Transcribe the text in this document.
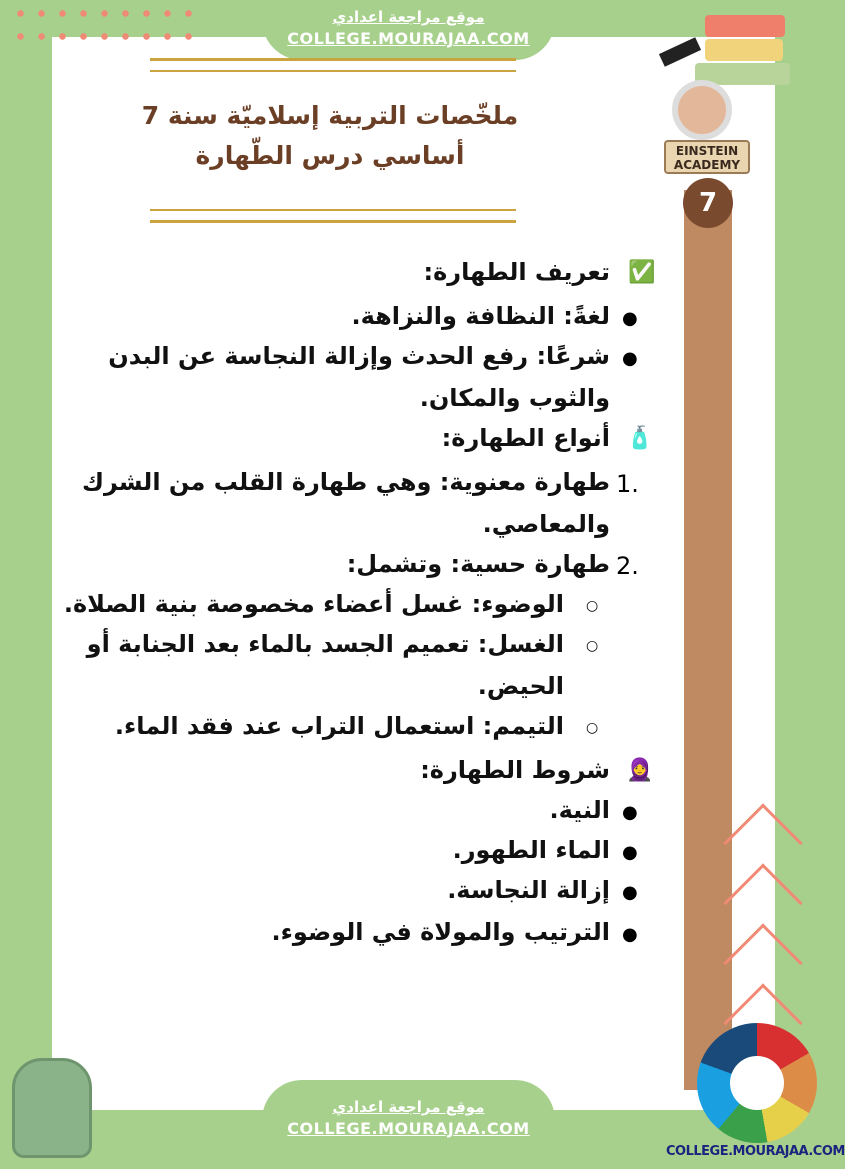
موقع مراجعة اعدادي
COLLEGE.MOURAJAA.COM
ملخّصات التربية إسلاميّة سنة 7
أساسي درس الطّهارة	EINSTEIN ACADEMY
7
تعريف الطهارة: ✅
لغةً: النظافة والنزاهة. ●
شرعًا: رفع الحدث وإزالة النجاسة عن البدن ●
والثوب والمكان.
أنواع الطهارة: 🧴
طهارة معنوية: وهي طهارة القلب من الشرك 1.
والمعاصي.
طهارة حسية: وتشمل: 2.
الوضوء: غسل أعضاء مخصوصة بنية الصلاة. ○
الغسل: تعميم الجسد بالماء بعد الجنابة أو ○
الحيض.
التيمم: استعمال التراب عند فقد الماء. ○
شروط الطهارة: 🧕
النية. ●
الماء الطهور. ●
إزالة النجاسة. ●
الترتيب والمولاة في الوضوء. ●
COLLEGE.MOURAJAA.COM
موقع مراجعة اعدادي
COLLEGE.MOURAJAA.COM
